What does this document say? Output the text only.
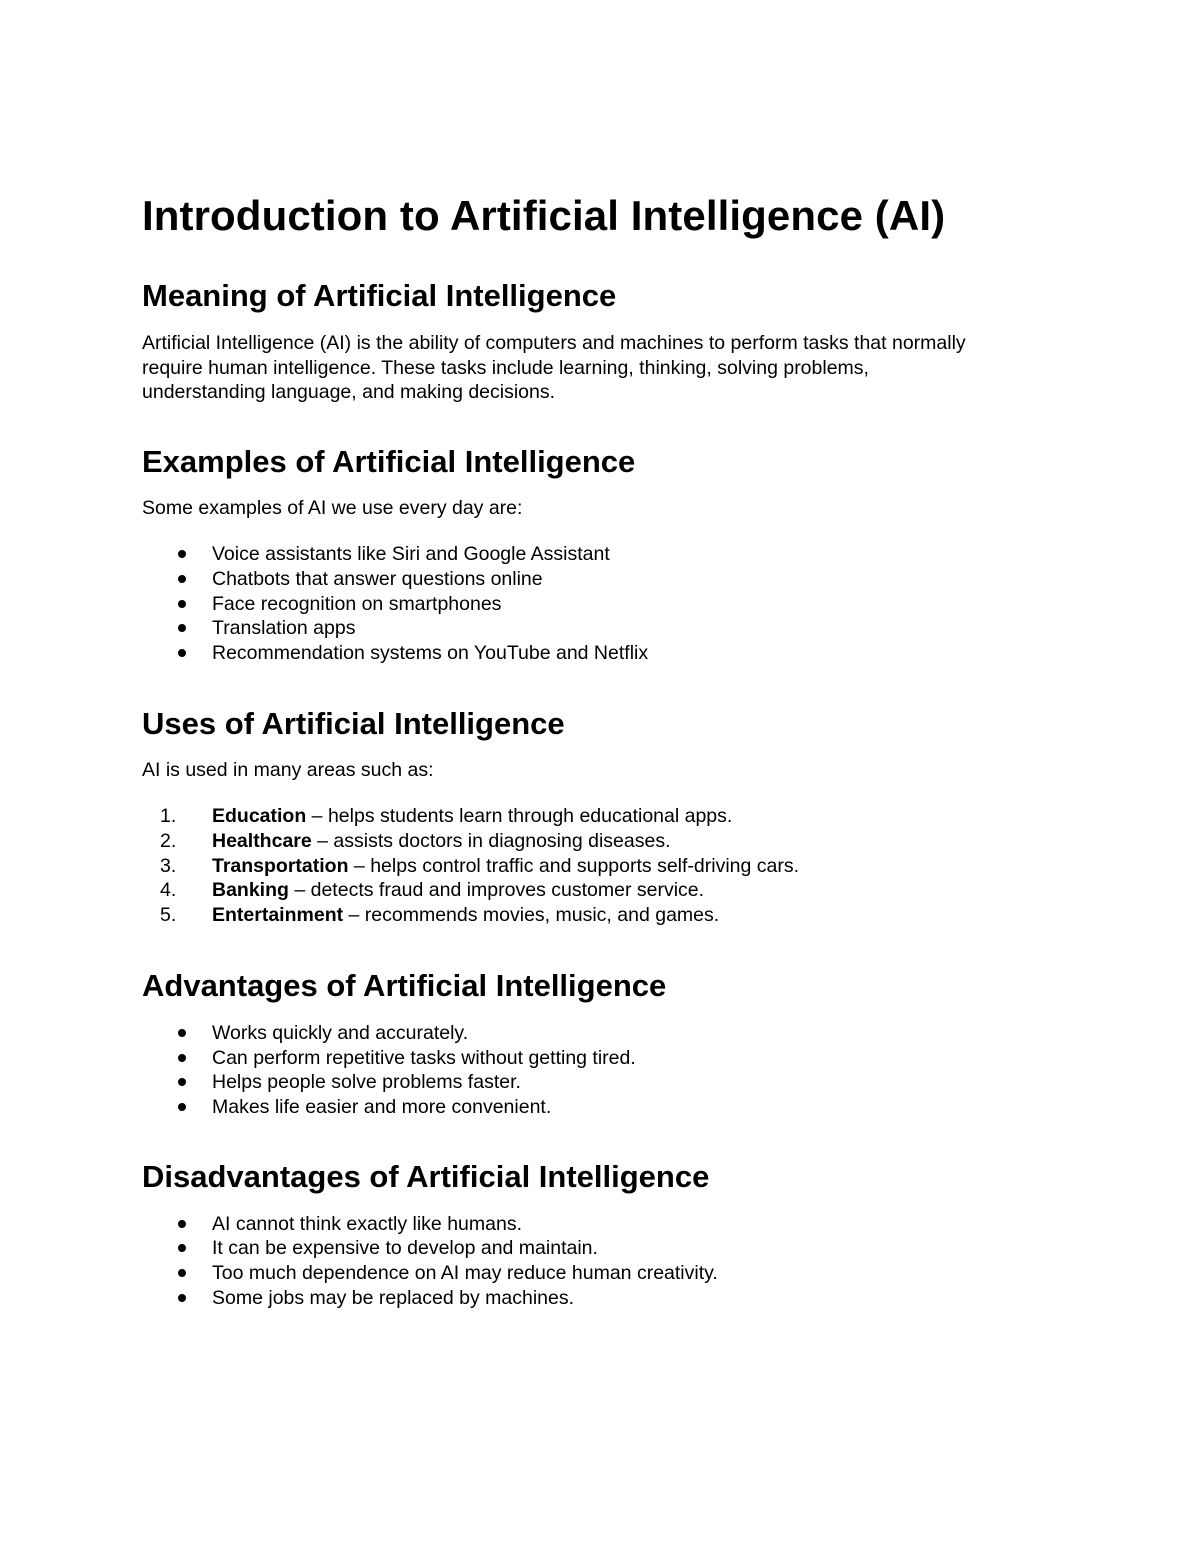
Introduction to Artificial Intelligence (AI)
Meaning of Artificial Intelligence

Artificial Intelligence (AI) is the ability of computers and machines to perform tasks that normally
require human intelligence. These tasks include learning, thinking, solving problems,
understanding language, and making decisions.

Examples of Artificial Intelligence

Some examples of AI we use every day are:

Voice assistants like Siri and Google Assistant
Chatbots that answer questions online
Face recognition on smartphones
Translation apps
Recommendation systems on YouTube and Netflix
Uses of Artificial Intelligence

AI is used in many areas such as:

1.	Education – helps students learn through educational apps.
2.	Healthcare – assists doctors in diagnosing diseases.
3.	Transportation – helps control traffic and supports self-driving cars.
4.	Banking – detects fraud and improves customer service.
5.	Entertainment – recommends movies, music, and games.
Advantages of Artificial Intelligence
Works quickly and accurately.
Can perform repetitive tasks without getting tired.
Helps people solve problems faster.
Makes life easier and more convenient.
Disadvantages of Artificial Intelligence
AI cannot think exactly like humans.
It can be expensive to develop and maintain.
Too much dependence on AI may reduce human creativity.
Some jobs may be replaced by machines.
